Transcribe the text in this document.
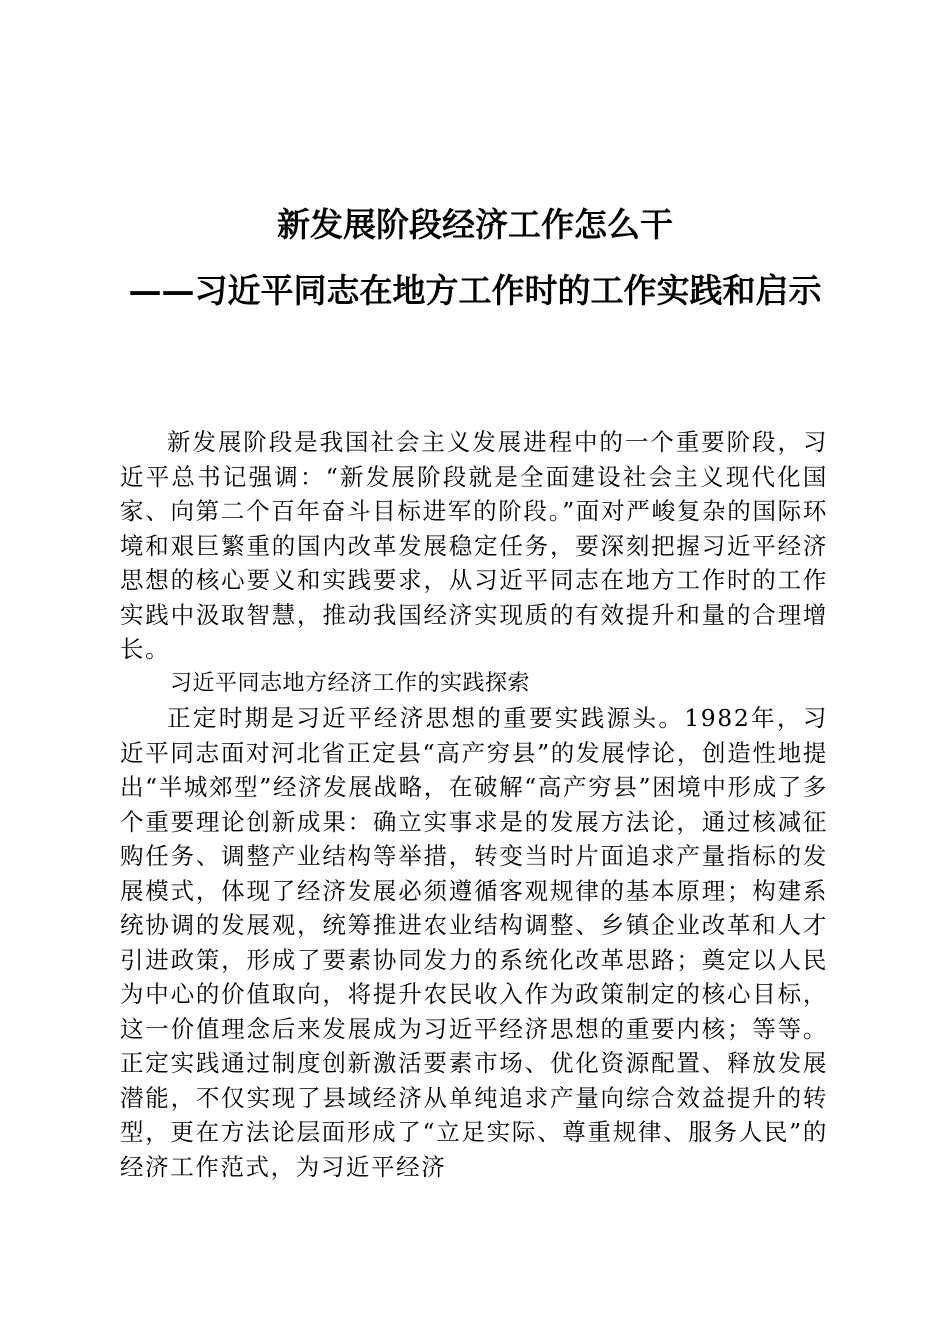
新发展阶段经济工作怎么干
——习近平同志在地方工作时的工作实践和启示

新发展阶段是我国社会主义发展进程中的一个重要阶段，习近平总书记强调：“新发展阶段就是全面建设社会主义现代化国家、向第二个百年奋斗目标进军的阶段。”面对严峻复杂的国际环境和艰巨繁重的国内改革发展稳定任务，要深刻把握习近平经济思想的核心要义和实践要求，从习近平同志在地方工作时的工作实践中汲取智慧，推动我国经济实现质的有效提升和量的合理增长。

习近平同志地方经济工作的实践探索

正定时期是习近平经济思想的重要实践源头。1982年，习近平同志面对河北省正定县“高产穷县”的发展悖论，创造性地提出“半城郊型”经济发展战略，在破解“高产穷县”困境中形成了多个重要理论创新成果：确立实事求是的发展方法论，通过核减征购任务、调整产业结构等举措，转变当时片面追求产量指标的发展模式，体现了经济发展必须遵循客观规律的基本原理；构建系统协调的发展观，统筹推进农业结构调整、乡镇企业改革和人才引进政策，形成了要素协同发力的系统化改革思路；奠定以人民为中心的价值取向，将提升农民收入作为政策制定的核心目标，这一价值理念后来发展成为习近平经济思想的重要内核；等等。正定实践通过制度创新激活要素市场、优化资源配置、释放发展潜能，不仅实现了县域经济从单纯追求产量向综合效益提升的转型，更在方法论层面形成了“立足实际、尊重规律、服务人民”的经济工作范式，为习近平经济
